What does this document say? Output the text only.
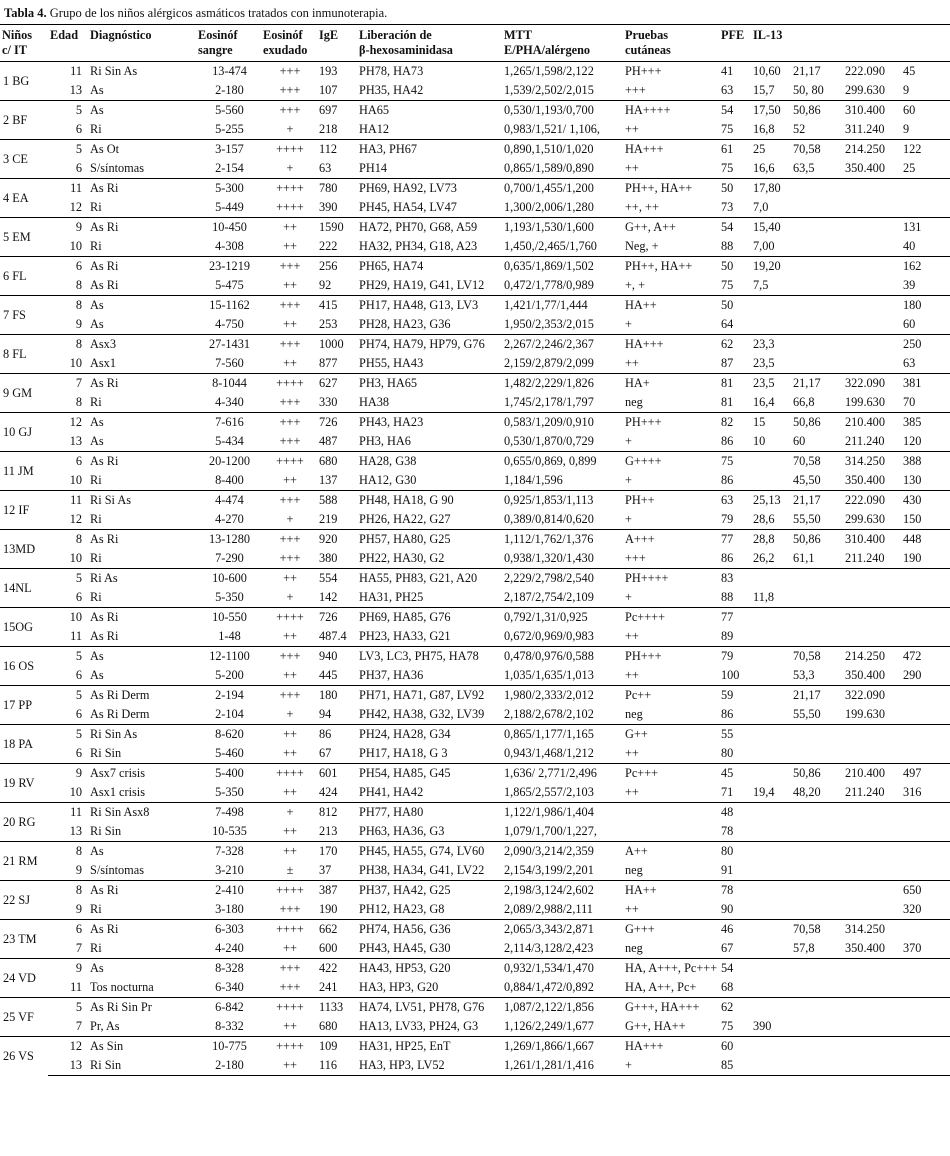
Tabla 4. Grupo de los niños alérgicos asmáticos tratados con inmunoterapia.
Niños
c/ IT	Edad	Diagnóstico	Eosinóf
sangre	Eosinóf
exudado	IgE	Liberación de
β-hexosaminidasa	MTT
E/PHA/alérgeno	Pruebas
cutáneas	PFE	IL-13			
1 BG	11	Ri Sin As	13-474	+++	193	PH78, HA73	1,265/1,598/2,122	PH+++	41	10,60	21,17	222.090	45
	13	As	2-180	+++	107	PH35, HA42	1,539/2,502/2,015	+++	63	15,7	50, 80	299.630	9
2 BF	5	As	5-560	+++	697	HA65	0,530/1,193/0,700	HA++++	54	17,50	50,86	310.400	60
	6	Ri	5-255	+	218	HA12	0,983/1,521/ 1,106,	++	75	16,8	52	311.240	9
3 CE	5	As Ot	3-157	++++	112	HA3, PH67	0,890,1,510/1,020	HA+++	61	25	70,58	214.250	122
	6	S/síntomas	2-154	+	63	PH14	0,865/1,589/0,890	++	75	16,6	63,5	350.400	25
4 EA	11	As Ri	5-300	++++	780	PH69, HA92, LV73	0,700/1,455/1,200	PH++, HA++	50	17,80			
	12	Ri	5-449	++++	390	PH45, HA54, LV47	1,300/2,006/1,280	++, ++	73	7,0			
5 EM	9	As Ri	10-450	++	1590	HA72, PH70, G68, A59	1,193/1,530/1,600	G++, A++	54	15,40			131
	10	Ri	4-308	++	222	HA32, PH34, G18, A23	1,450,/2,465/1,760	Neg, +	88	7,00			40
6 FL	6	As Ri	23-1219	+++	256	PH65, HA74	0,635/1,869/1,502	PH++, HA++	50	19,20			162
	8	As Ri	5-475	++	92	PH29, HA19, G41, LV12	0,472/1,778/0,989	+, +	75	7,5			39
7 FS	8	As	15-1162	+++	415	PH17, HA48, G13, LV3	1,421/1,77/1,444	HA++	50				180
	9	As	4-750	++	253	PH28, HA23, G36	1,950/2,353/2,015	+	64				60
8 FL	8	Asx3	27-1431	+++	1000	PH74, HA79, HP79, G76	2,267/2,246/2,367	HA+++	62	23,3			250
	10	Asx1	7-560	++	877	PH55, HA43	2,159/2,879/2,099	++	87	23,5			63
9 GM	7	As Ri	8-1044	++++	627	PH3, HA65	1,482/2,229/1,826	HA+	81	23,5	21,17	322.090	381
	8	Ri	4-340	+++	330	HA38	1,745/2,178/1,797	neg	81	16,4	66,8	199.630	70
10 GJ	12	As	7-616	+++	726	PH43, HA23	0,583/1,209/0,910	PH+++	82	15	50,86	210.400	385
	13	As	5-434	+++	487	PH3, HA6	0,530/1,870/0,729	+	86	10	60	211.240	120
11 JM	6	As Ri	20-1200	++++	680	HA28, G38	0,655/0,869, 0,899	G++++	75		70,58	314.250	388
	10	Ri	8-400	++	137	HA12, G30	1,184/1,596	+	86		45,50	350.400	130
12 IF	11	Ri Si As	4-474	+++	588	PH48, HA18, G 90	0,925/1,853/1,113	PH++	63	25,13	21,17	222.090	430
	12	Ri	4-270	+	219	PH26, HA22, G27	0,389/0,814/0,620	+	79	28,6	55,50	299.630	150
13MD	8	As Ri	13-1280	+++	920	PH57, HA80, G25	1,112/1,762/1,376	A+++	77	28,8	50,86	310.400	448
	10	Ri	7-290	+++	380	PH22, HA30, G2	0,938/1,320/1,430	+++	86	26,2	61,1	211.240	190
14NL	5	Ri As	10-600	++	554	HA55, PH83, G21, A20	2,229/2,798/2,540	PH++++	83				
	6	Ri	5-350	+	142	HA31, PH25	2,187/2,754/2,109	+	88	11,8			
15OG	10	As Ri	10-550	++++	726	PH69, HA85, G76	0,792/1,31/0,925	Pc++++	77				
	11	As Ri	1-48	++	487.4	PH23, HA33, G21	0,672/0,969/0,983	++	89				
16 OS	5	As	12-1100	+++	940	LV3, LC3, PH75, HA78	0,478/0,976/0,588	PH+++	79		70,58	214.250	472
	6	As	5-200	++	445	PH37, HA36	1,035/1,635/1,013	++	100		53,3	350.400	290
17 PP	5	As Ri Derm	2-194	+++	180	PH71, HA71, G87, LV92	1,980/2,333/2,012	Pc++	59		21,17	322.090	
	6	As Ri Derm	2-104	+	94	PH42, HA38, G32, LV39	2,188/2,678/2,102	neg	86		55,50	199.630	
18 PA	5	Ri Sin As	8-620	++	86	PH24, HA28, G34	0,865/1,177/1,165	G++	55				
	6	Ri Sin	5-460	++	67	PH17, HA18, G 3	0,943/1,468/1,212	++	80				
19 RV	9	Asx7 crisis	5-400	++++	601	PH54, HA85, G45	1,636/ 2,771/2,496	Pc+++	45		50,86	210.400	497
	10	Asx1 crisis	5-350	++	424	PH41, HA42	1,865/2,557/2,103	++	71	19,4	48,20	211.240	316
20 RG	11	Ri Sin Asx8	7-498	+	812	PH77, HA80	1,122/1,986/1,404		48				
	13	Ri Sin	10-535	++	213	PH63, HA36, G3	1,079/1,700/1,227,		78				
21 RM	8	As	7-328	++	170	PH45, HA55, G74, LV60	2,090/3,214/2,359	A++	80				
	9	S/síntomas	3-210	±	37	PH38, HA34, G41, LV22	2,154/3,199/2,201	neg	91				
22 SJ	8	As Ri	2-410	++++	387	PH37, HA42, G25	2,198/3,124/2,602	HA++	78				650
	9	Ri	3-180	+++	190	PH12, HA23, G8	2,089/2,988/2,111	++	90				320
23 TM	6	As Ri	6-303	++++	662	PH74, HA56, G36	2,065/3,343/2,871	G+++	46		70,58	314.250	
	7	Ri	4-240	++	600	PH43, HA45, G30	2,114/3,128/2,423	neg	67		57,8	350.400	370
24 VD	9	As	8-328	+++	422	HA43, HP53, G20	0,932/1,534/1,470	HA, A+++, Pc+++	54				
	11	Tos nocturna	6-340	+++	241	HA3, HP3, G20	0,884/1,472/0,892	HA, A++, Pc+	68				
25 VF	5	As Ri Sin Pr	6-842	++++	1133	HA74, LV51, PH78, G76	1,087/2,122/1,856	G+++, HA+++	62				
	7	Pr, As	8-332	++	680	HA13, LV33, PH24, G3	1,126/2,249/1,677	G++, HA++	75	390			
26 VS	12	As Sin	10-775	++++	109	HA31, HP25, EnT	1,269/1,866/1,667	HA+++	60				
	13	Ri Sin	2-180	++	116	HA3, HP3, LV52	1,261/1,281/1,416	+	85				
